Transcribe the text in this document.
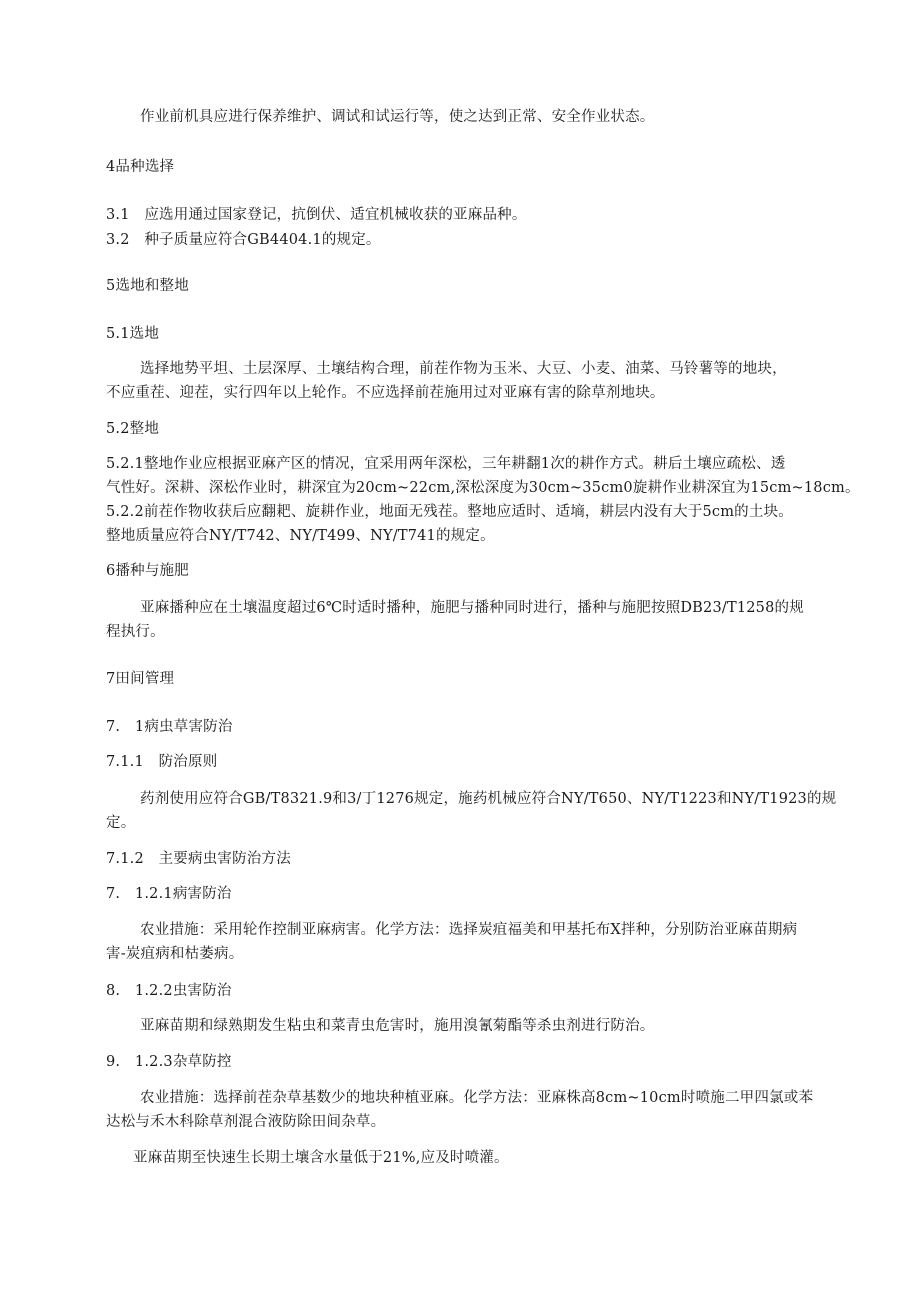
作业前机具应进行保养维护、调试和试运行等，使之达到正常、安全作业状态。
4品种选择
3.1　应选用通过国家登记，抗倒伏、适宜机械收获的亚麻品种。
3.2　种子质量应符合GB4404.1的规定。
5选地和整地
5.1选地
选择地势平坦、土层深厚、土壤结构合理，前茬作物为玉米、大豆、小麦、油菜、马铃薯等的地块，
不应重茬、迎茬，实行四年以上轮作。不应选择前茬施用过对亚麻有害的除草剂地块。
5.2整地
5.2.1整地作业应根据亚麻产区的情况，宜采用两年深松，三年耕翻1次的耕作方式。耕后土壤应疏松、透
气性好。深耕、深松作业时，耕深宜为20cm~22cm,深松深度为30cm~35cm0旋耕作业耕深宜为15cm~18cm。
5.2.2前茬作物收获后应翻耙、旋耕作业，地面无残茬。整地应适时、适墒，耕层内没有大于5cm的土块。
整地质量应符合NY/T742、NY/T499、NY/T741的规定。
6播种与施肥
亚麻播种应在土壤温度超过6℃时适时播种，施肥与播种同时进行，播种与施肥按照DB23/T1258的规
程执行。
7田间管理
7.　1病虫草害防治
7.1.1　防治原则
药剂使用应符合GB/T8321.9和3/丁1276规定，施药机械应符合NY/T650、NY/T1223和NY/T1923的规
定。
7.1.2　主要病虫害防治方法
7.　1.2.1病害防治
农业措施：采用轮作控制亚麻病害。化学方法：选择炭疽福美和甲基托布X拌种，分别防治亚麻苗期病
害-炭疽病和枯萎病。
8.　1.2.2虫害防治
亚麻苗期和绿熟期发生粘虫和菜青虫危害时，施用溴氰菊酯等杀虫剂进行防治。
9.　1.2.3杂草防控
农业措施：选择前茬杂草基数少的地块种植亚麻。化学方法：亚麻株高8cm~10cm时喷施二甲四氯或苯
达松与禾木科除草剂混合液防除田间杂草。
亚麻苗期至快速生长期土壤含水量低于21%,应及时喷灌。
